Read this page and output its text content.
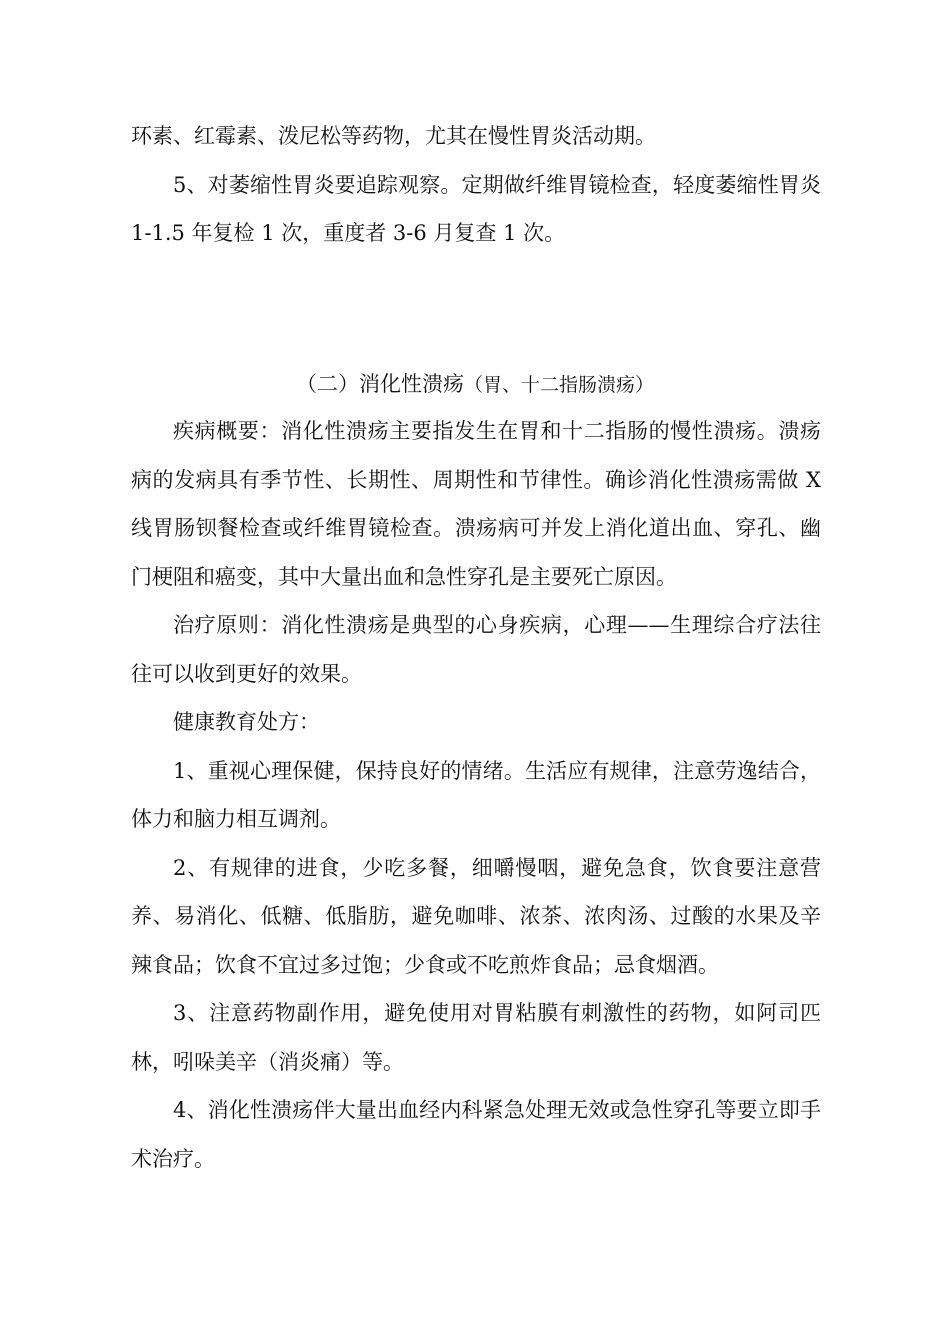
环素、红霉素、泼尼松等药物，尤其在慢性胃炎活动期。

5、对萎缩性胃炎要追踪观察。定期做纤维胃镜检查，轻度萎缩性胃炎 1-1.5 年复检 1 次，重度者 3-6 月复查 1 次。

（二）消化性溃疡（胃、十二指肠溃疡）

疾病概要：消化性溃疡主要指发生在胃和十二指肠的慢性溃疡。溃疡病的发病具有季节性、长期性、周期性和节律性。确诊消化性溃疡需做 X 线胃肠钡餐检查或纤维胃镜检查。溃疡病可并发上消化道出血、穿孔、幽门梗阻和癌变，其中大量出血和急性穿孔是主要死亡原因。

治疗原则：消化性溃疡是典型的心身疾病，心理——生理综合疗法往往可以收到更好的效果。

健康教育处方：

1、重视心理保健，保持良好的情绪。生活应有规律，注意劳逸结合，体力和脑力相互调剂。

2、有规律的进食，少吃多餐，细嚼慢咽，避免急食，饮食要注意营养、易消化、低糖、低脂肪，避免咖啡、浓茶、浓肉汤、过酸的水果及辛辣食品；饮食不宜过多过饱；少食或不吃煎炸食品；忌食烟酒。

3、注意药物副作用，避免使用对胃粘膜有刺激性的药物，如阿司匹林，吲哚美辛（消炎痛）等。

4、消化性溃疡伴大量出血经内科紧急处理无效或急性穿孔等要立即手术治疗。
